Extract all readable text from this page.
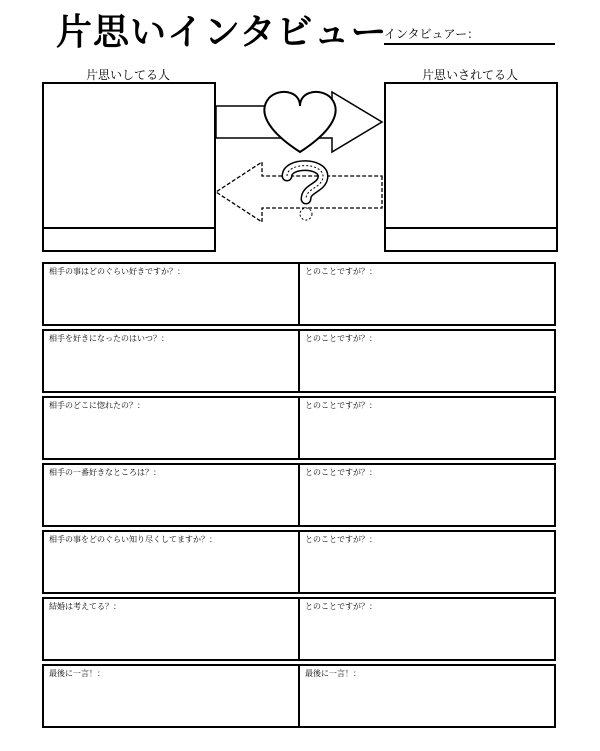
片思いインタビュー
インタビュアー：
片思いしてる人	片思いされてる人
相手の事はどのぐらい好きですか？：	とのことですが？：
相手を好きになったのはいつ？：	とのことですが？：
相手のどこに惚れたの？：	とのことですが？：
相手の一番好きなところは？：	とのことですが？：
相手の事をどのぐらい知り尽くしてますか？：	とのことですが？：
結婚は考えてる？：	とのことですが？：
最後に一言！：	最後に一言！：
